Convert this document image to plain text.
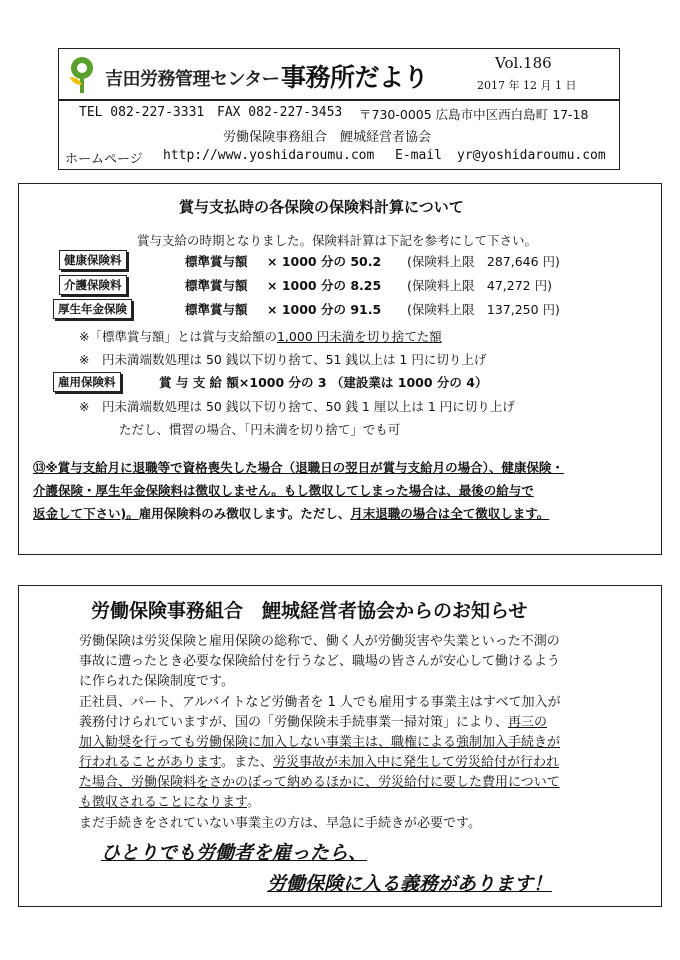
吉田労務管理センター 事務所だより	Vol.186
2017 年 12 月 1 日
TEL 082-227-3331 FAX 082-227-3453 〒730-0005 広島市中区西白島町 17-18
労働保険事務組合　鯉城経営者協会
ホームページ http://www.yoshidaroumu.com E-mail yr@yoshidaroumu.com
賞与支払時の各保険の保険料計算について
賞与支給の時期となりました。保険料計算は下記を参考にして下さい。
健康保険料	標準賞与額 × 1000 分の 50.2 (保険料上限　287,646 円)
介護保険料	標準賞与額 × 1000 分の 8.25 (保険料上限　47,272 円)
厚生年金保険	標準賞与額 × 1000 分の 91.5 (保険料上限　137,250 円)
※「標準賞与額」とは賞与支給額の1,000 円未満を切り捨てた額
※　円未満端数処理は 50 銭以下切り捨て、51 銭以上は 1 円に切り上げ
雇用保険料	賞 与 支 給 額×1000 分の 3 （建設業は 1000 分の 4）
※　円未満端数処理は 50 銭以下切り捨て、50 銭 1 厘以上は 1 円に切り上げ
ただし、慣習の場合、「円未満を切り捨て」でも可
⑬※賞与支給月に退職等で資格喪失した場合（退職日の翌日が賞与支給月の場合）、健康保険・
介護保険・厚生年金保険料は徴収しません。もし徴収してしまった場合は、最後の給与で
返金して下さい)。雇用保険料のみ徴収します。ただし、月末退職の場合は全て徴収します。
労働保険事務組合　鯉城経営者協会からのお知らせ
労働保険は労災保険と雇用保険の総称で、働く人が労働災害や失業といった不測の
事故に遭ったとき必要な保険給付を行うなど、職場の皆さんが安心して働けるよう
に作られた保険制度です。
正社員、パート、アルバイトなど労働者を 1 人でも雇用する事業主はすべて加入が
義務付けられていますが、国の「労働保険未手続事業一掃対策」により、再三の
加入勧奨を行っても労働保険に加入しない事業主は、職権による強制加入手続きが
行われることがあります。また、労災事故が未加入中に発生して労災給付が行われ
た場合、労働保険料をさかのぼって納めるほかに、労災給付に要した費用について
も徴収されることになります。
まだ手続きをされていない事業主の方は、早急に手続きが必要です。
ひとりでも労働者を雇ったら、
労働保険に入る義務があります！
